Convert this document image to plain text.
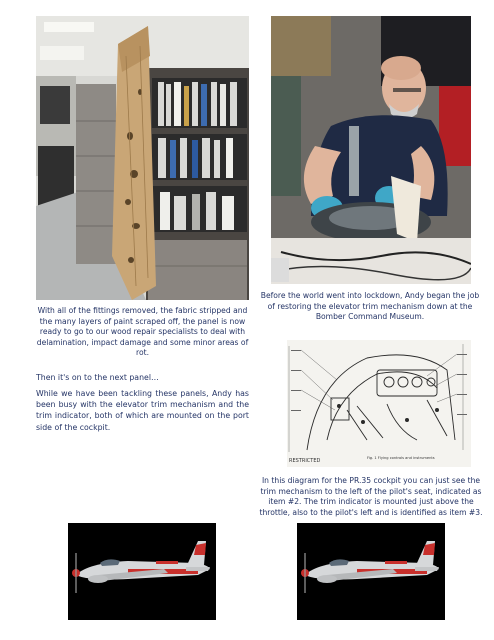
With all of the fittings removed, the fabric stripped and the many layers of paint scraped off, the panel is now ready to go to our wood repair specialists to deal with delamination, impact damage and some minor areas of rot.
Before the world went into lockdown, Andy began the job of restoring the elevator trim mechanism down at the Bomber Command Museum.
Then it's on to the next panel…
While we have been tackling these panels, Andy has been busy with the elevator trim mechanism and the trim indicator, both of which are mounted on the port side of the cockpit.
RESTRICTED	Fig. 1 Flying controls and instruments
In this diagram for the PR.35 cockpit you can just see the trim mechanism to the left of the pilot's seat, indicated as item #2. The trim indicator is mounted just above the throttle, also to the pilot's left and is identified as item #3.
